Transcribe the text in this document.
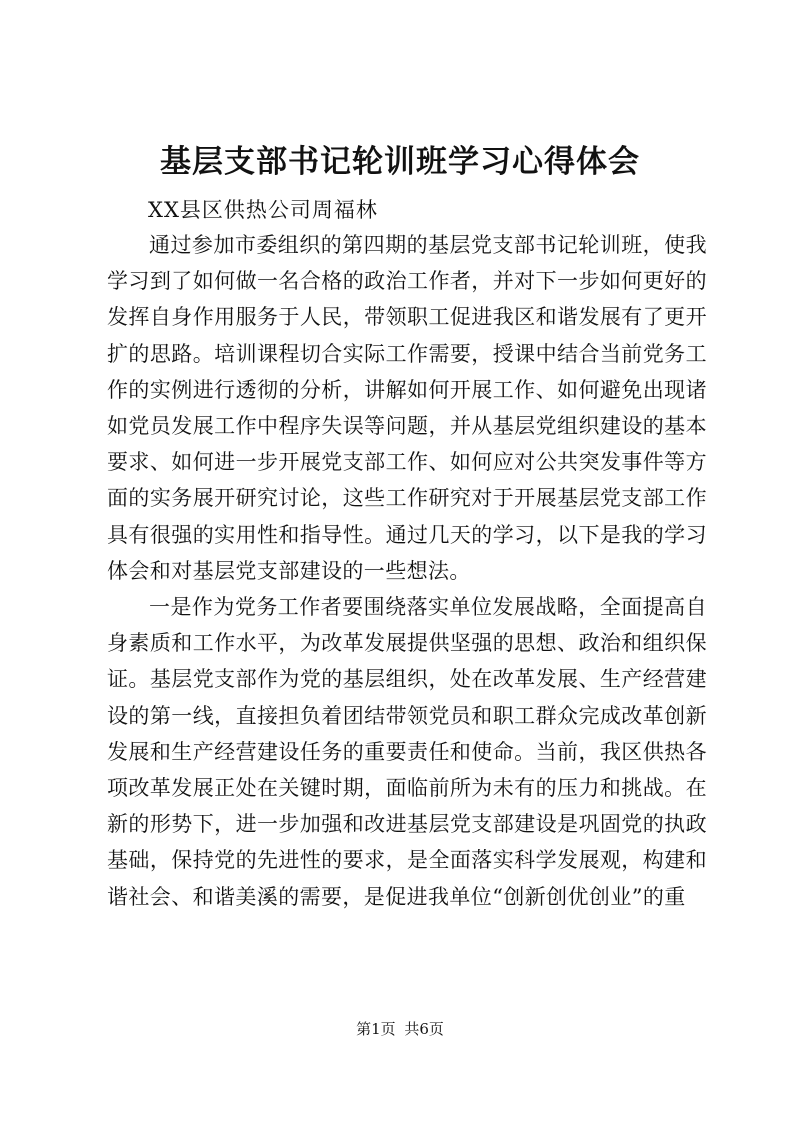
基层支部书记轮训班学习心得体会

XX县区供热公司周福林

通过参加市委组织的第四期的基层党支部书记轮训班，使我学习到了如何做一名合格的政治工作者，并对下一步如何更好的发挥自身作用服务于人民，带领职工促进我区和谐发展有了更开扩的思路。培训课程切合实际工作需要，授课中结合当前党务工作的实例进行透彻的分析，讲解如何开展工作、如何避免出现诸如党员发展工作中程序失误等问题，并从基层党组织建设的基本要求、如何进一步开展党支部工作、如何应对公共突发事件等方面的实务展开研究讨论，这些工作研究对于开展基层党支部工作具有很强的实用性和指导性。通过几天的学习，以下是我的学习体会和对基层党支部建设的一些想法。

一是作为党务工作者要围绕落实单位发展战略，全面提高自身素质和工作水平，为改革发展提供坚强的思想、政治和组织保证。基层党支部作为党的基层组织，处在改革发展、生产经营建设的第一线，直接担负着团结带领党员和职工群众完成改革创新发展和生产经营建设任务的重要责任和使命。当前，我区供热各项改革发展正处在关键时期，面临前所为未有的压力和挑战。在新的形势下，进一步加强和改进基层党支部建设是巩固党的执政基础，保持党的先进性的要求，是全面落实科学发展观，构建和谐社会、和谐美溪的需要，是促进我单位“创新创优创业”的重

第1页 共6页
